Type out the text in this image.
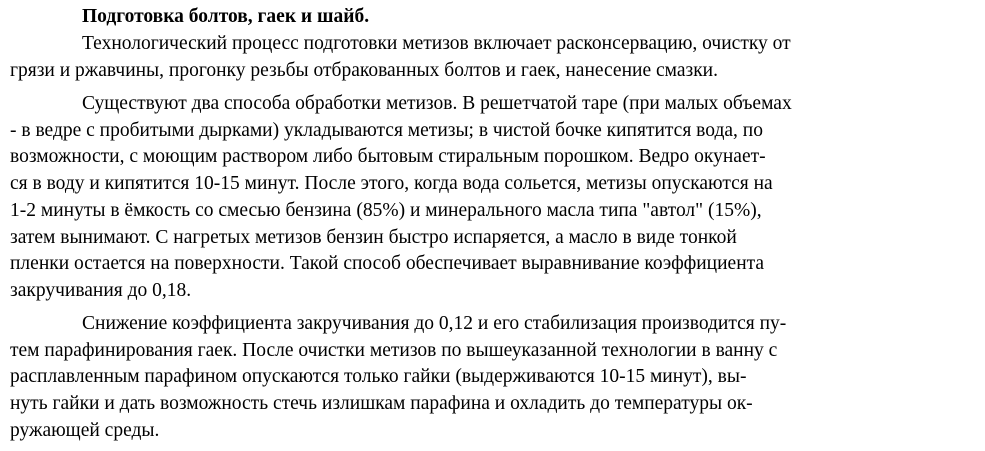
Подготовка болтов, гаек и шайб.
Технологический процесс подготовки метизов включает расконсервацию, очистку от
грязи и ржавчины, прогонку резьбы отбракованных болтов и гаек, нанесение смазки.
Существуют два способа обработки метизов. В решетчатой таре (при малых объемах
- в ведре с пробитыми дырками) укладываются метизы; в чистой бочке кипятится вода, по
возможности, с моющим раствором либо бытовым стиральным порошком. Ведро окунает-
ся в воду и кипятится 10-15 минут. После этого, когда вода сольется, метизы опускаются на
1-2 минуты в ёмкость со смесью бензина (85%) и минерального масла типа "автол" (15%),
затем вынимают. С нагретых метизов бензин быстро испаряется, а масло в виде тонкой
пленки остается на поверхности. Такой способ обеспечивает выравнивание коэффициента
закручивания до 0,18.
Снижение коэффициента закручивания до 0,12 и его стабилизация производится пу-
тем парафинирования гаек. После очистки метизов по вышеуказанной технологии в ванну с
расплавленным парафином опускаются только гайки (выдерживаются 10-15 минут), вы-
нуть гайки и дать возможность стечь излишкам парафина и охладить до температуры ок-
ружающей среды.
